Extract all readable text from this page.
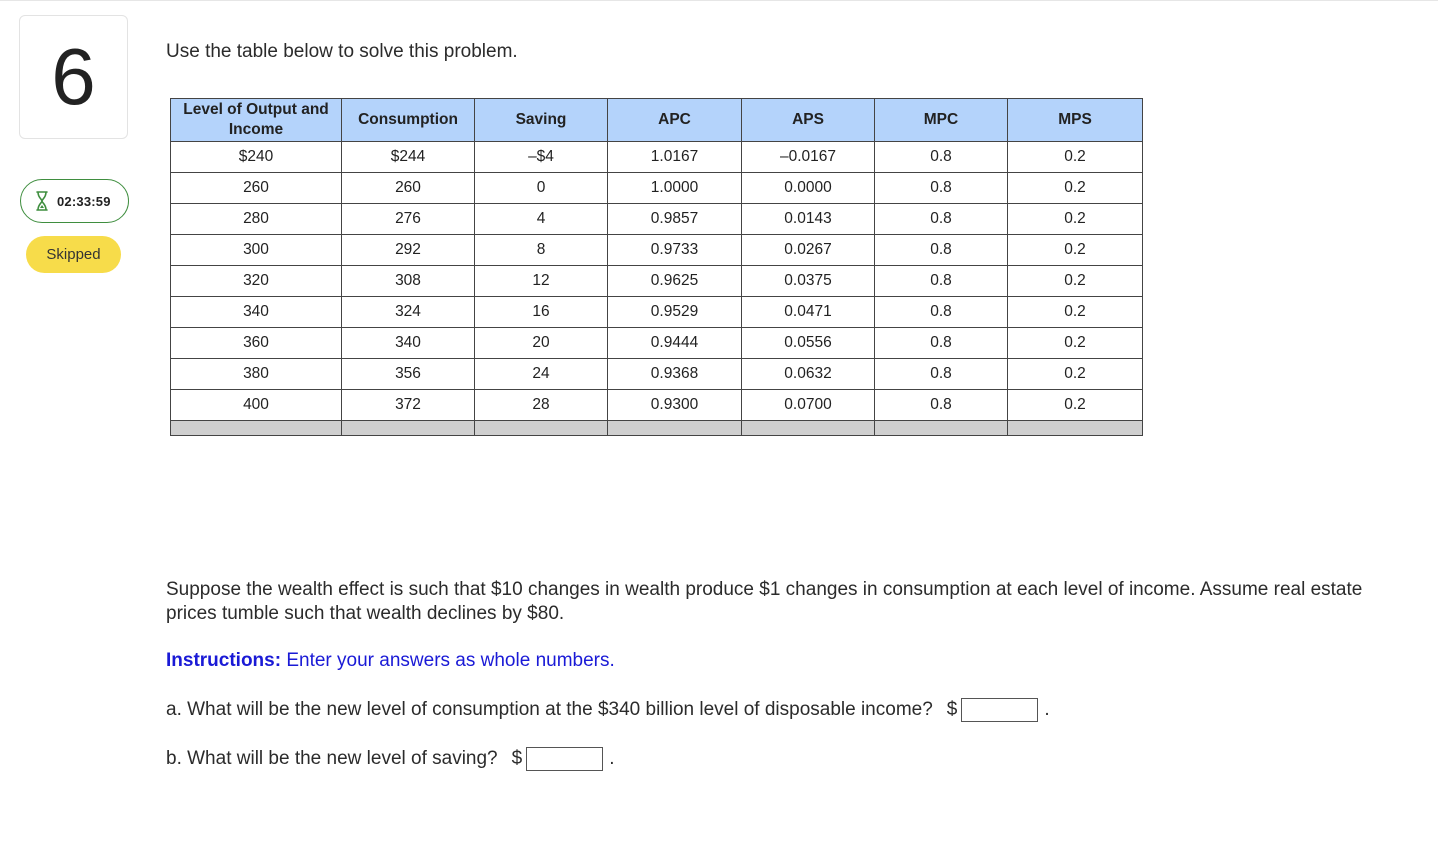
6
02:33:59
Skipped
Use the table below to solve this problem.
Level of Output and Income	Consumption	Saving	APC	APS	MPC	MPS
$240	$244	–$4	1.0167	–0.0167	0.8	0.2
260	260	0	1.0000	0.0000	0.8	0.2
280	276	4	0.9857	0.0143	0.8	0.2
300	292	8	0.9733	0.0267	0.8	0.2
320	308	12	0.9625	0.0375	0.8	0.2
340	324	16	0.9529	0.0471	0.8	0.2
360	340	20	0.9444	0.0556	0.8	0.2
380	356	24	0.9368	0.0632	0.8	0.2
400	372	28	0.9300	0.0700	0.8	0.2

Suppose the wealth effect is such that $10 changes in wealth produce $1 changes in consumption at each level of income. Assume real estate prices tumble such that wealth declines by $80.
Instructions: Enter your answers as whole numbers.
a. What will be the new level of consumption at the $340 billion level of disposable income? $	.
b. What will be the new level of saving? $	.
